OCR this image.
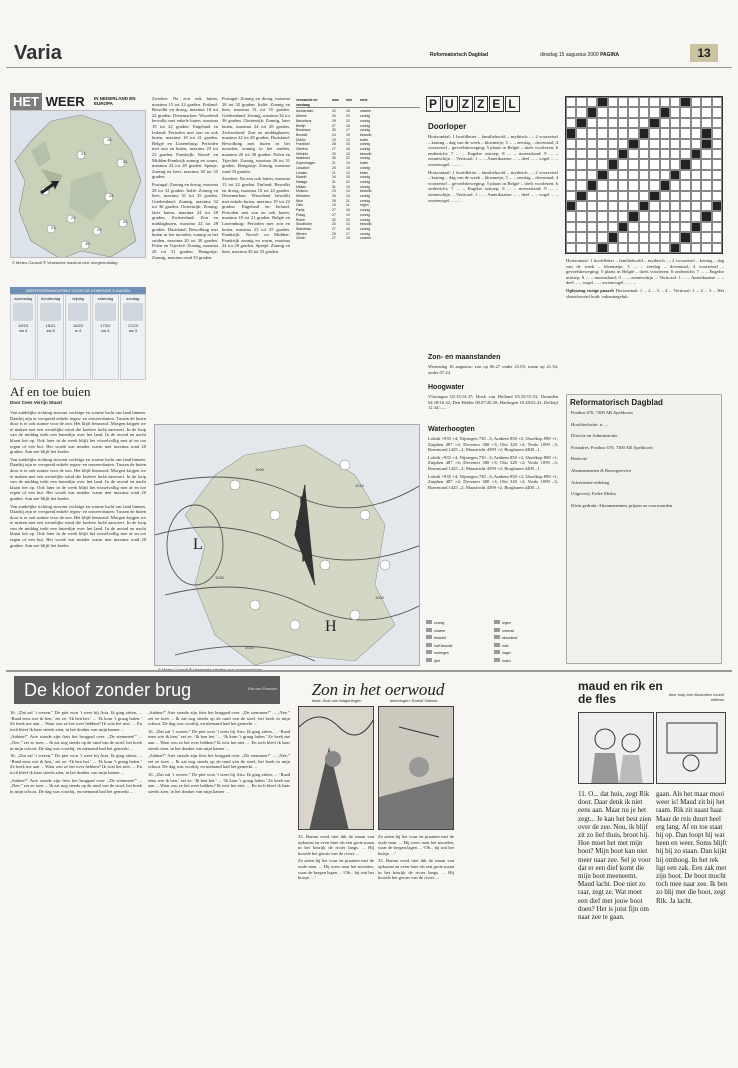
Varia	Reformatorisch Dagblad	dinsdag 15 augustus 2000 PAGINA	13
HET WEER IN NEDERLAND EN EUROPA
23
21
18
20
28
22
25
23
25
30
© Meteo Consult ® Verwachte maxima voor morgenmiddag
WEERSVERWACHTING VOOR DE KOMENDE 5 DAGEN
woensdag
19/23
zw 4
donderdag
15/21
zw 5
vrijdag
16/22
w 4
zaterdag
17/22
zw 4
zondag
17/23
zw 3
Af en toe buien
Door Cees Verrijn Stuart

Van zuidelijke richting stroomt vochtige en warme lucht ons land binnen. Daarbij zijn er verspreid enkele regen- en onweersbuien. Tussen de buien door is er ook ruimte voor de zon. Het blijft benauwd. Morgen krijgen we te maken met een westelijke wind die koelere lucht aanvoert. In de loop van de middag trekt een buienlijn over het land. In de avond en nacht klaart het op. Ook later in de week blijft het wisselvallig met af en toe regen of een bui. Het wordt wat minder warm met maxima rond 20 graden. Aan zee blijft het koeler.

Van zuidelijke richting stroomt vochtige en warme lucht ons land binnen. Daarbij zijn er verspreid enkele regen- en onweersbuien. Tussen de buien door is er ook ruimte voor de zon. Het blijft benauwd. Morgen krijgen we te maken met een westelijke wind die koelere lucht aanvoert. In de loop van de middag trekt een buienlijn over het land. In de avond en nacht klaart het op. Ook later in de week blijft het wisselvallig met af en toe regen of een bui. Het wordt wat minder warm met maxima rond 20 graden. Aan zee blijft het koeler.

Van zuidelijke richting stroomt vochtige en warme lucht ons land binnen. Daarbij zijn er verspreid enkele regen- en onweersbuien. Tussen de buien door is er ook ruimte voor de zon. Het blijft benauwd. Morgen krijgen we te maken met een westelijke wind die koelere lucht aanvoert. In de loop van de middag trekt een buienlijn over het land. In de avond en nacht klaart het op. Ook later in de week blijft het wisselvallig met af en toe regen of een bui. Het wordt wat minder warm met maxima rond 20 graden. Aan zee blijft het koeler.

Zweden: Na zon ook buien, maxima 15 tot 22 graden. Finland: Bewolkt en droog, maxima 18 tot 22 graden. Denemarken: Wisselend bewolkt met enkele buien, maxima 19 tot 22 graden. Engeland en Ierland: Perioden met zon en ook buien, maxima 18 tot 21 graden. België en Luxemburg: Perioden met zon en buien, maxima 23 tot 25 graden. Frankrijk: Noord- en Midden-Frankrijk zonnig en warm, maxima 24 tot 28 graden. Spanje: Zonnig en heet, maxima 30 tot 35 graden.

Portugal: Zonnig en droog, maxima 28 tot 32 graden. Italië: Zonnig en heet, maxima 31 tot 35 graden. Griekenland: Zonnig, maxima 32 tot 36 graden. Oostenrijk: Zonnig, later buien, maxima 24 tot 28 graden. Zwitserland: Zon en middagbuien, maxima 22 tot 28 graden. Duitsland: Bewolking met buien in het noorden, zonnig in het zuiden, maxima 20 tot 30 graden. Polen en Tsjechië: Zonnig, maxima 26 tot 31 graden. Hongarije: Zonnig, maxima rond 33 graden.

Portugal: Zonnig en droog, maxima 28 tot 32 graden. Italië: Zonnig en heet, maxima 31 tot 35 graden. Griekenland: Zonnig, maxima 32 tot 36 graden. Oostenrijk: Zonnig, later buien, maxima 24 tot 28 graden. Zwitserland: Zon en middagbuien, maxima 22 tot 28 graden. Duitsland: Bewolking met buien in het noorden, zonnig in het zuiden, maxima 20 tot 30 graden. Polen en Tsjechië: Zonnig, maxima 26 tot 31 graden. Hongarije: Zonnig, maxima rond 33 graden.

Zweden: Na zon ook buien, maxima 15 tot 22 graden. Finland: Bewolkt en droog, maxima 18 tot 22 graden. Denemarken: Wisselend bewolkt met enkele buien, maxima 19 tot 22 graden. Engeland en Ierland: Perioden met zon en ook buien, maxima 18 tot 21 graden. België en Luxemburg: Perioden met zon en buien, maxima 23 tot 25 graden. Frankrijk: Noord- en Midden-Frankrijk zonnig en warm, maxima 24 tot 28 graden. Spanje: Zonnig en heet, maxima 30 tot 35 graden.

verwachte en vandaag
max	min	weer
Amsterdam	22	15	onweer
Athene	34	24	zonnig
Barcelona	29	22	zonnig
Berlijn	27	16	zonnig
Bordeaux	30	17	zonnig
Brussel	24	15	bewolkt
Dublin	19	12	buien
Frankfurt	28	16	zonnig
Genève	27	15	zonnig
Helsinki	20	13	bewolkt
Istanboel	30	22	zonnig
Kopenhagen	21	14	buien
Lissabon	29	19	zonnig
Londen	21	13	buien
Madrid	34	19	zonnig
Malaga	31	22	zonnig
Milaan	31	19	zonnig
Moskou	24	14	bewolkt
München	26	14	zonnig
Nice	28	21	zonnig
Oslo	19	11	regen
Parijs	27	16	zonnig
Praag	27	14	zonnig
Rome	32	20	zonnig
Stockholm	20	13	bewolkt
Warschau	27	15	zonnig
Wenen	29	17	zonnig
Zürich	27	15	onweer
L
H
1000
1010
1020
1020
1010
P U Z Z E L
Doorloper

Horizontaal: 1 hoofdletter – familiehoofd – mythisch ...; 2 voorzetsel – koning – dag van de week – bloemetje; 3 ... – zeeslag – doventaal; 4 voorzetsel – gevoelsbeweging; 5 plaats in België – titels voorlezen; 6 onderricht; 7 ... – Engelse uitroep; 8 ... – moerasland; 9 ... – zonneschijn ... Verticaal: 1 ... – Amerikaanse ... – deel ... – vogel ... – zwemvogel ... – ...

Horizontaal: 1 hoofdletter – familiehoofd – mythisch ...; 2 voorzetsel – koning – dag van de week – bloemetje; 3 ... – zeeslag – doventaal; 4 voorzetsel – gevoelsbeweging; 5 plaats in België – titels voorlezen; 6 onderricht; 7 ... – Engelse uitroep; 8 ... – moerasland; 9 ... – zonneschijn ... Verticaal: 1 ... – Amerikaanse ... – deel ... – vogel ... – zwemvogel ... – ...

Horizontaal: 1 hoofdletter – familiehoofd – mythisch ...; 2 voorzetsel – koning – dag van de week – bloemetje; 3 ... – zeeslag – doventaal; 4 voorzetsel – gevoelsbeweging; 5 plaats in België – titels voorlezen; 6 onderricht; 7 ... – Engelse uitroep; 8 ... – moerasland; 9 ... – zonneschijn ... Verticaal: 1 ... – Amerikaanse ... – deel ... – vogel ... – zwemvogel ... – ...

Oplossing vorige puzzel: Horizontaal: 1 ... 2 ... 3 ... 4 ... Verticaal: 1 ... 2 ... 3 ... Het sleutelwoord luidt: vakantiegeluk.

Zon- en maanstanden
Woensdag 16 augustus: zon op 06.27 onder 21.05; maan op 21.34, onder 07.24.
Hoogwater
Vlissingen 02.13/14.37; Hoek van Holland 03.35/15.53; IJmuiden 04.18/16.32; Den Helder 08.07/20.20; Harlingen 10.28/22.41; Delfzijl 12.34/–.–.
Waterhoogten

Lobith +935 +4; Nijmegen 730 –3; Arnhem 850 +2; IJsselkop 898 +1; Zutphen 487 +4; Deventer 380 +3; Olst 320 +2; Venlo 1099 –3; Roermond 1425 –2; Maastricht 4399 +2; Borgharen 4400 –1.

Lobith +935 +4; Nijmegen 730 –3; Arnhem 850 +2; IJsselkop 898 +1; Zutphen 487 +4; Deventer 380 +3; Olst 320 +2; Venlo 1099 –3; Roermond 1425 –2; Maastricht 4399 +2; Borgharen 4400 –1.

Lobith +935 +4; Nijmegen 730 –3; Arnhem 850 +2; IJsselkop 898 +1; Zutphen 487 +4; Deventer 380 +3; Olst 320 +2; Venlo 1099 –3; Roermond 1425 –2; Maastricht 4399 +2; Borgharen 4400 –1.

zonnig	regen
onweer	sneeuw
bewolkt	wisselend
half bewolkt	mist
motregen	hagel
ijzel	buien
Reformatorisch Dagblad

Postbus 670, 7300 AR Apeldoorn

Hoofdredactie: ir. ...

Directie en Administratie

Postadres: Postbus 670, 7300 AR Apeldoorn

Redactie

Abonnementen & Bezorgservice

Advertentie-afdeling

Uitgeverij: Erdee Media

Klein gedrukt: Abonnementen, prijzen en voorwaarden

De kloof zonder brug	Ria van Rossum

16. „Dat zal ’t wezen.” De piet won ’t weer bij Aria. Ik ging zitten, ... ‘Raad eens wie ik ben,’ zei ze. ‘Ik ben het.’ ... ‘Ik kom ’t graag halen.’ Ze keek me aan ... Waar zou ze het over hebben? Ik wist het niet. ... En toch bleef ik haar steeds zien, in het donker van mijn kamer ...

„Sabine!” Arie stonde zijn fiets het brugpad over. „De stemmen!” ... „Nee,” zei ze toen ... Ik zat nog steeds op de rand van de stoel, het boek in mijn schoot. De dag was voorbij, en niemand had het gemerkt ...

16. „Dat zal ’t wezen.” De piet won ’t weer bij Aria. Ik ging zitten, ... ‘Raad eens wie ik ben,’ zei ze. ‘Ik ben het.’ ... ‘Ik kom ’t graag halen.’ Ze keek me aan ... Waar zou ze het over hebben? Ik wist het niet. ... En toch bleef ik haar steeds zien, in het donker van mijn kamer ...

„Sabine!” Arie stonde zijn fiets het brugpad over. „De stemmen!” ... „Nee,” zei ze toen ... Ik zat nog steeds op de rand van de stoel, het boek in mijn schoot. De dag was voorbij, en niemand had het gemerkt ...

„Sabine!” Arie stonde zijn fiets het brugpad over. „De stemmen!” ... „Nee,” zei ze toen ... Ik zat nog steeds op de rand van de stoel, het boek in mijn schoot. De dag was voorbij, en niemand had het gemerkt ...

16. „Dat zal ’t wezen.” De piet won ’t weer bij Aria. Ik ging zitten, ... ‘Raad eens wie ik ben,’ zei ze. ‘Ik ben het.’ ... ‘Ik kom ’t graag halen.’ Ze keek me aan ... Waar zou ze het over hebben? Ik wist het niet. ... En toch bleef ik haar steeds zien, in het donker van mijn kamer ...

„Sabine!” Arie stonde zijn fiets het brugpad over. „De stemmen!” ... „Nee,” zei ze toen ... Ik zat nog steeds op de rand van de stoel, het boek in mijn schoot. De dag was voorbij, en niemand had het gemerkt ...

16. „Dat zal ’t wezen.” De piet won ’t weer bij Aria. Ik ging zitten, ... ‘Raad eens wie ik ben,’ zei ze. ‘Ik ben het.’ ... ‘Ik kom ’t graag halen.’ Ze keek me aan ... Waar zou ze het over hebben? Ik wist het niet. ... En toch bleef ik haar steeds zien, in het donker van mijn kamer ...

Zon in het oerwoud
tekst: Dick van Wageningen	tekeningen: Roelof Vildonk

23. Bonna werd niet dik de maan van opkomst en even later als een grote maan in het bosrijk de rivier langs. ... Hij hoorde het geruis van de rivier ...

Ze zaten bij het vuur en praatten met de oude man. ... Hij wees naar het noorden, waar de bergen lagen ... ‘Oh... bij wat het huisje, ...’

Ze zaten bij het vuur en praatten met de oude man. ... Hij wees naar het noorden, waar de bergen lagen ... ‘Oh... bij wat het huisje, ...’

23. Bonna werd niet dik de maan van opkomst en even later als een grote maan in het bosrijk de rivier langs. ... Hij hoorde het geruis van de rivier ...

maud en rik en de fles	door tody boe illustraties mozaf willems
11. O... dat huis, zegt Rik door. Daar denk ik niet eens aan. Maar nu je het zegt... Je kan het best zien over de zee. Nou, ik blijf zit zo lief thuis, broot hij. Hoe moet het met mijn boot? Mijn boot kan niet meer naar zee. Sel je voor dat er een dief komt die mijn boot meeneemt. Maud lacht. Doe niet zo raar, zegt ze. Wat moet een dief met jouw boot doen? Het is juist fijn om naar zee te gaan.
gaan. Als het maar mooi weer is! Maud zit bij het raam. Rik zit naast haar. Maar de reis duurt heel erg lang. Af en toe staat hij op. Dan loopt hij wat heen en weer. Soms blijft hij bij zo staan. Dan kijkt hij omhoog. In het rek ligt een zak. Een zak met zijn boot. De boot mocht toch mee naar zee. Ik ben zo blij met die boot, zegt Rik. Ja lacht.
